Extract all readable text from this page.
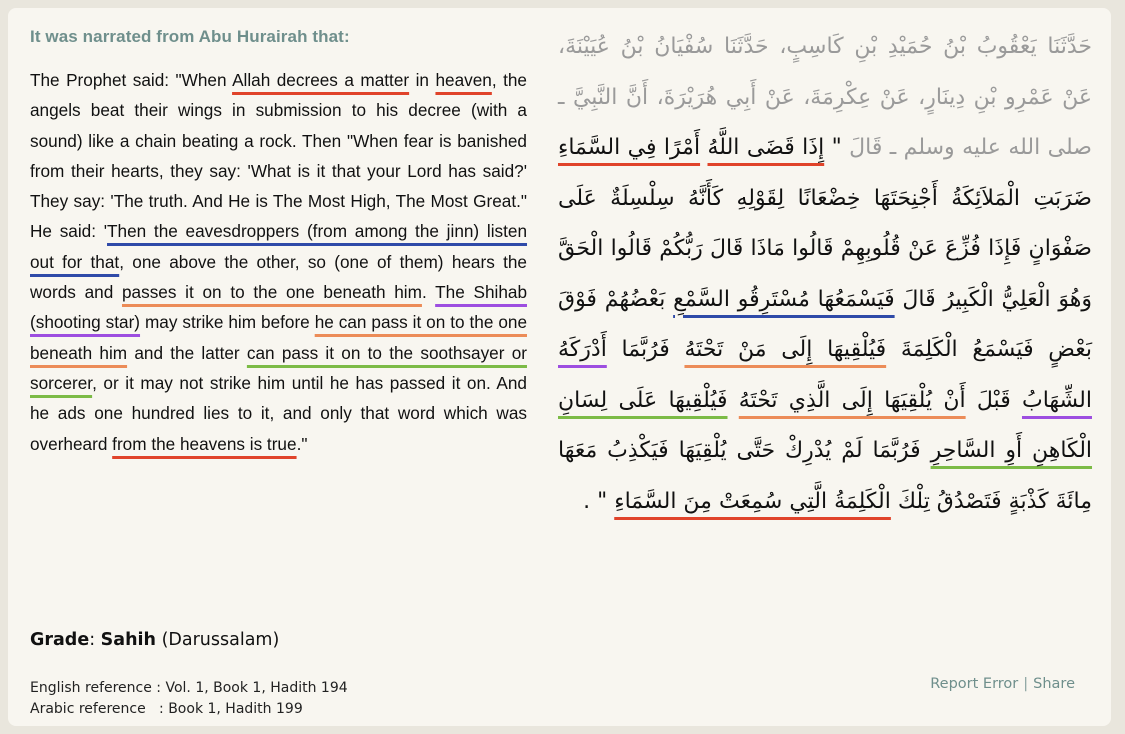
It was narrated from Abu Hurairah that:
The Prophet said: "When Allah decrees a matter in heaven, the angels beat their wings in submission to his decree (with a sound) like a chain beating a rock. Then "When fear is banished from their hearts, they say: 'What is it that your Lord has said?' They say: 'The truth. And He is The Most High, The Most Great." He said: 'Then the eavesdroppers (from among the jinn) listen out for that, one above the other, so (one of them) hears the words and passes it on to the one beneath him. The Shihab (shooting star) may strike him before he can pass it on to the one beneath him and the latter can pass it on to the soothsayer or sorcerer, or it may not strike him until he has passed it on. And he ads one hundred lies to it, and only that word which was overheard from the heavens is true."
حَدَّثَنَا يَعْقُوبُ بْنُ حُمَيْدِ بْنِ كَاسِبٍ، حَدَّثَنَا سُفْيَانُ بْنُ عُيَيْنَةَ، عَنْ عَمْرِو بْنِ دِينَارٍ، عَنْ عِكْرِمَةَ، عَنْ أَبِي هُرَيْرَةَ، أَنَّ النَّبِيَّ ـ صلى الله عليه وسلم ـ قَالَ " إِذَا قَضَى اللَّهُ أَمْرًا فِي السَّمَاءِ ضَرَبَتِ الْمَلاَئِكَةُ أَجْنِحَتَهَا خِضْعَانًا لِقَوْلِهِ كَأَنَّهُ سِلْسِلَةٌ عَلَى صَفْوَانٍ فَإِذَا فُزِّعَ عَنْ قُلُوبِهِمْ قَالُوا مَاذَا قَالَ رَبُّكُمْ قَالُوا الْحَقَّ وَهُوَ الْعَلِيُّ الْكَبِيرُ قَالَ فَيَسْمَعُهَا مُسْتَرِقُو السَّمْعِ بَعْضُهُمْ فَوْقَ بَعْضٍ فَيَسْمَعُ الْكَلِمَةَ فَيُلْقِيهَا إِلَى مَنْ تَحْتَهُ فَرُبَّمَا أَدْرَكَهُ الشِّهَابُ قَبْلَ أَنْ يُلْقِيَهَا إِلَى الَّذِي تَحْتَهُ فَيُلْقِيهَا عَلَى لِسَانِ الْكَاهِنِ أَوِ السَّاحِرِ فَرُبَّمَا لَمْ يُدْرِكْ حَتَّى يُلْقِيَهَا فَيَكْذِبُ مَعَهَا مِائَةَ كَذْبَةٍ فَتَصْدُقُ تِلْكَ الْكَلِمَةُ الَّتِي سُمِعَتْ مِنَ السَّمَاءِ " .
Grade: Sahih (Darussalam)
English reference : Vol. 1, Book 1, Hadith 194
Arabic reference   : Book 1, Hadith 199
Report Error | Share
